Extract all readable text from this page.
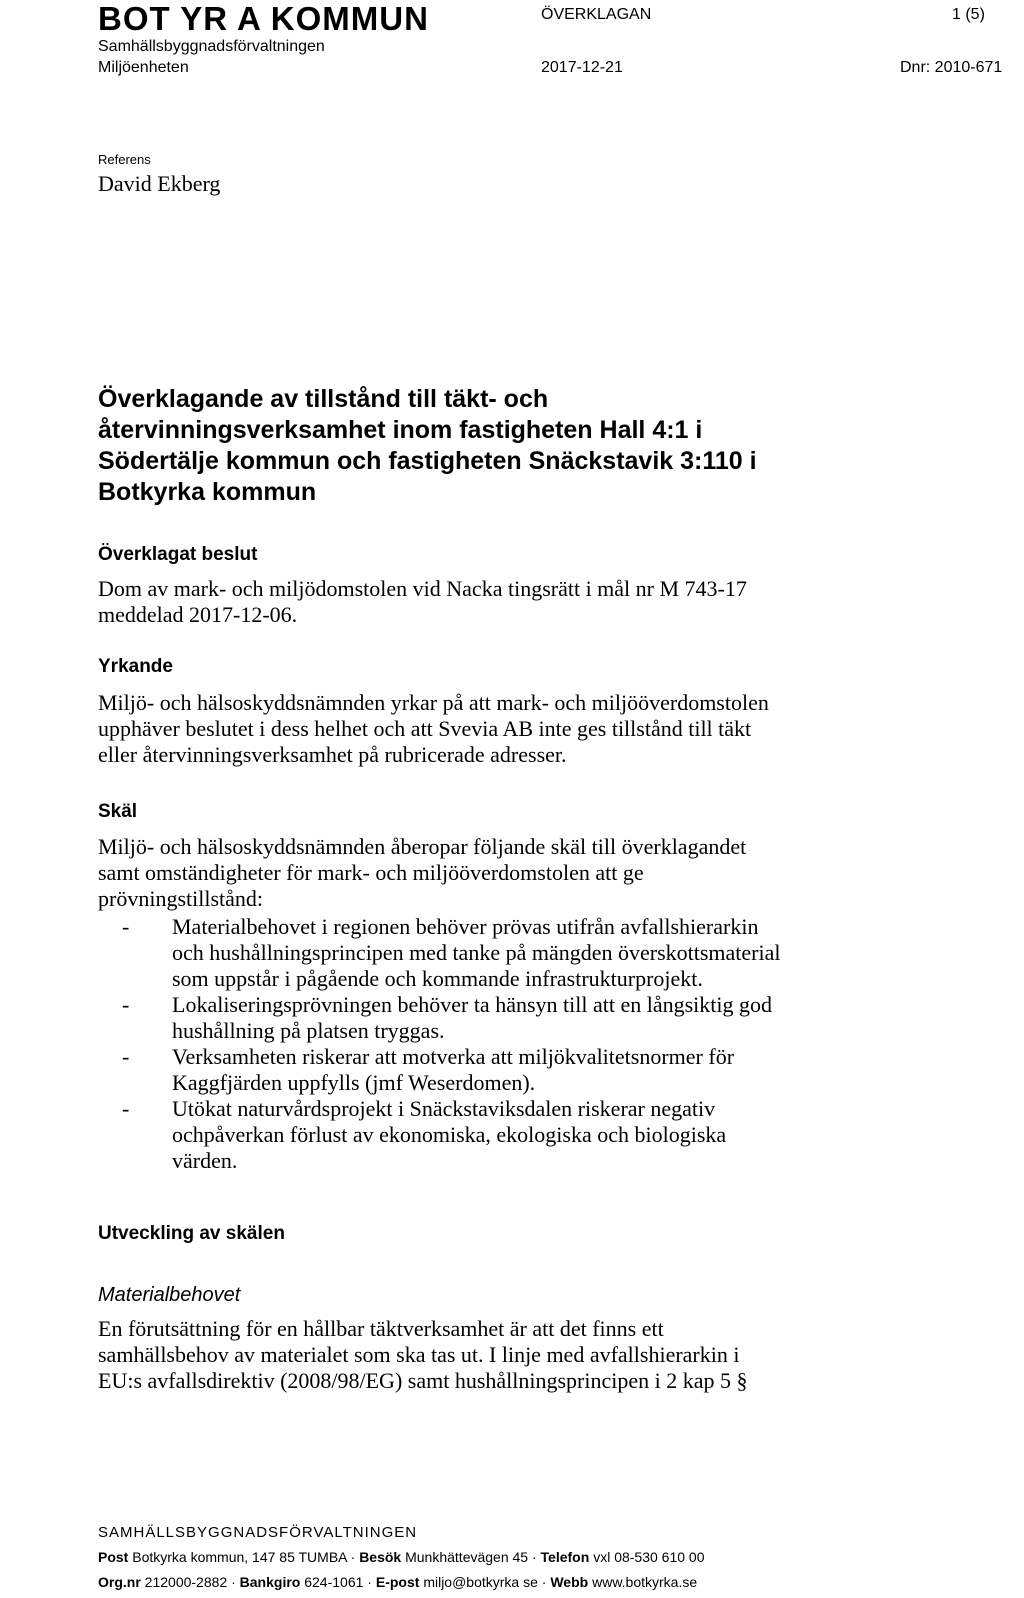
BOT YR A KOMMUN
Samhällsbyggnadsförvaltningen
Miljöenheten
ÖVERKLAGAN	1 (5)
2017-12-21	Dnr: 2010-671
Referens
David Ekberg
Överklagande av tillstånd till täkt- och
återvinningsverksamhet inom fastigheten Hall 4:1 i
Södertälje kommun och fastigheten Snäckstavik 3:110 i
Botkyrka kommun
Överklagat beslut
Dom av mark- och miljödomstolen vid Nacka tingsrätt i mål nr M 743-17
meddelad 2017-12-06.
Yrkande
Miljö- och hälsoskyddsnämnden yrkar på att mark- och miljööverdomstolen
upphäver beslutet i dess helhet och att Svevia AB inte ges tillstånd till täkt
eller återvinningsverksamhet på rubricerade adresser.
Skäl
Miljö- och hälsoskyddsnämnden åberopar följande skäl till överklagandet
samt omständigheter för mark- och miljööverdomstolen att ge
prövningstillstånd:
- Materialbehovet i regionen behöver prövas utifrån avfallshierarkin
och hushållningsprincipen med tanke på mängden överskottsmaterial
som uppstår i pågående och kommande infrastrukturprojekt.
- Lokaliseringsprövningen behöver ta hänsyn till att en långsiktig god
hushållning på platsen tryggas.
- Verksamheten riskerar att motverka att miljökvalitetsnormer för
Kaggfjärden uppfylls (jmf Weserdomen).
- Utökat naturvårdsprojekt i Snäckstaviksdalen riskerar negativ
ochpåverkan förlust av ekonomiska, ekologiska och biologiska
värden.
Utveckling av skälen
Materialbehovet
En förutsättning för en hållbar täktverksamhet är att det finns ett
samhällsbehov av materialet som ska tas ut. I linje med avfallshierarkin i
EU:s avfallsdirektiv (2008/98/EG) samt hushållningsprincipen i 2 kap 5 §
SAMHÄLLSBYGGNADSFÖRVALTNINGEN
Post Botkyrka kommun, 147 85 TUMBA · Besök Munkhättevägen 45 · Telefon vxl 08-530 610 00
Org.nr 212000-2882 · Bankgiro 624-1061 · E-post miljo@botkyrka se · Webb www.botkyrka.se
